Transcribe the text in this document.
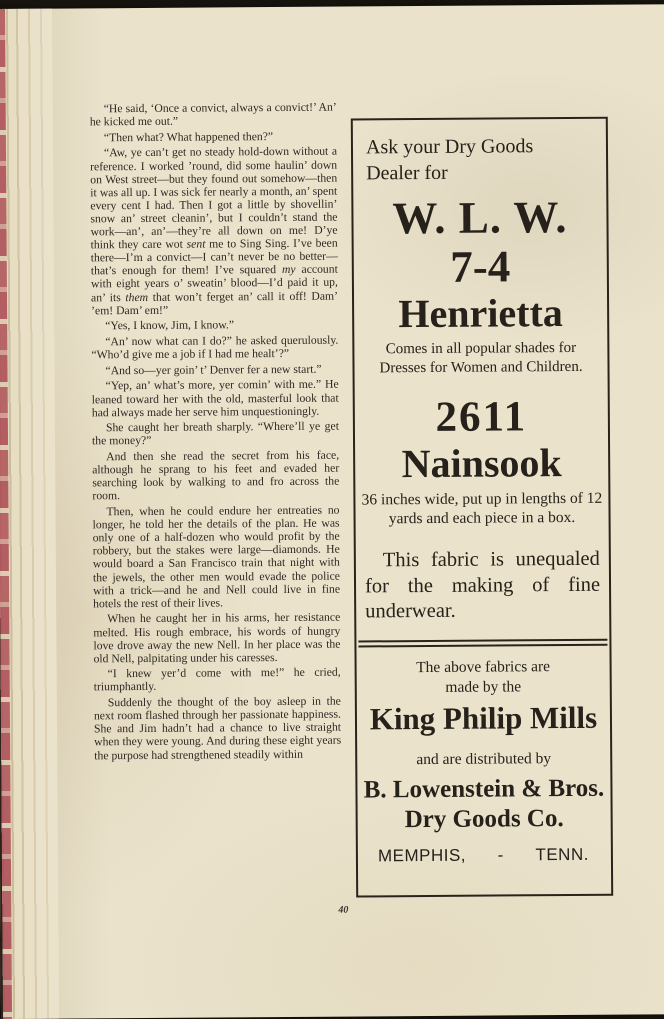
“He said, ‘Once a convict, always a convict!’ An’ he kicked me out.”

“Then what? What happened then?”

“Aw, ye can’t get no steady hold-down without a reference. I worked ’round, did some haulin’ down on West street—but they found out somehow—then it was all up. I was sick fer nearly a month, an’ spent every cent I had. Then I got a little by shovellin’ snow an’ street cleanin’, but I couldn’t stand the work—an’, an’—they’re all down on me! D’ye think they care wot sent me to Sing Sing. I’ve been there—I’m a convict—I can’t never be no better—that’s enough for them! I’ve squared my account with eight years o’ sweatin’ blood—I’d paid it up, an’ its them that won’t ferget an’ call it off! Dam’ ’em! Dam’ em!”

“Yes, I know, Jim, I know.”

“An’ now what can I do?” he asked querulously. “Who’d give me a job if I had me healt’?”

“And so—yer goin’ t’ Denver fer a new start.”

“Yep, an’ what’s more, yer comin’ with me.” He leaned toward her with the old, masterful look that had always made her serve him unquestioningly.

She caught her breath sharply. “Where’ll ye get the money?”

And then she read the secret from his face, although he sprang to his feet and evaded her searching look by walking to and fro across the room.

Then, when he could endure her entreaties no longer, he told her the details of the plan. He was only one of a half-dozen who would profit by the robbery, but the stakes were large—diamonds. He would board a San Francisco train that night with the jewels, the other men would evade the police with a trick—and he and Nell could live in fine hotels the rest of their lives.

When he caught her in his arms, her resistance melted. His rough embrace, his words of hungry love drove away the new Nell. In her place was the old Nell, palpitating under his caresses.

“I knew yer’d come with me!” he cried, triumphantly.

Suddenly the thought of the boy asleep in the next room flashed through her passionate happiness. She and Jim hadn’t had a chance to live straight when they were young. And during these eight years the purpose had strengthened steadily within

Ask your Dry Goods Dealer for
W. L. W.
7-4
Henrietta
Comes in all popular shades for Dresses for Women and Children.
2611
Nainsook
36 inches wide, put up in lengths of 12 yards and each piece in a box.
This fabric is unequaled for the making of fine underwear.
The above fabrics are made by the
King Philip Mills
and are distributed by
B. Lowenstein & Bros.
Dry Goods Co.
MEMPHIS, - TENN.
40
